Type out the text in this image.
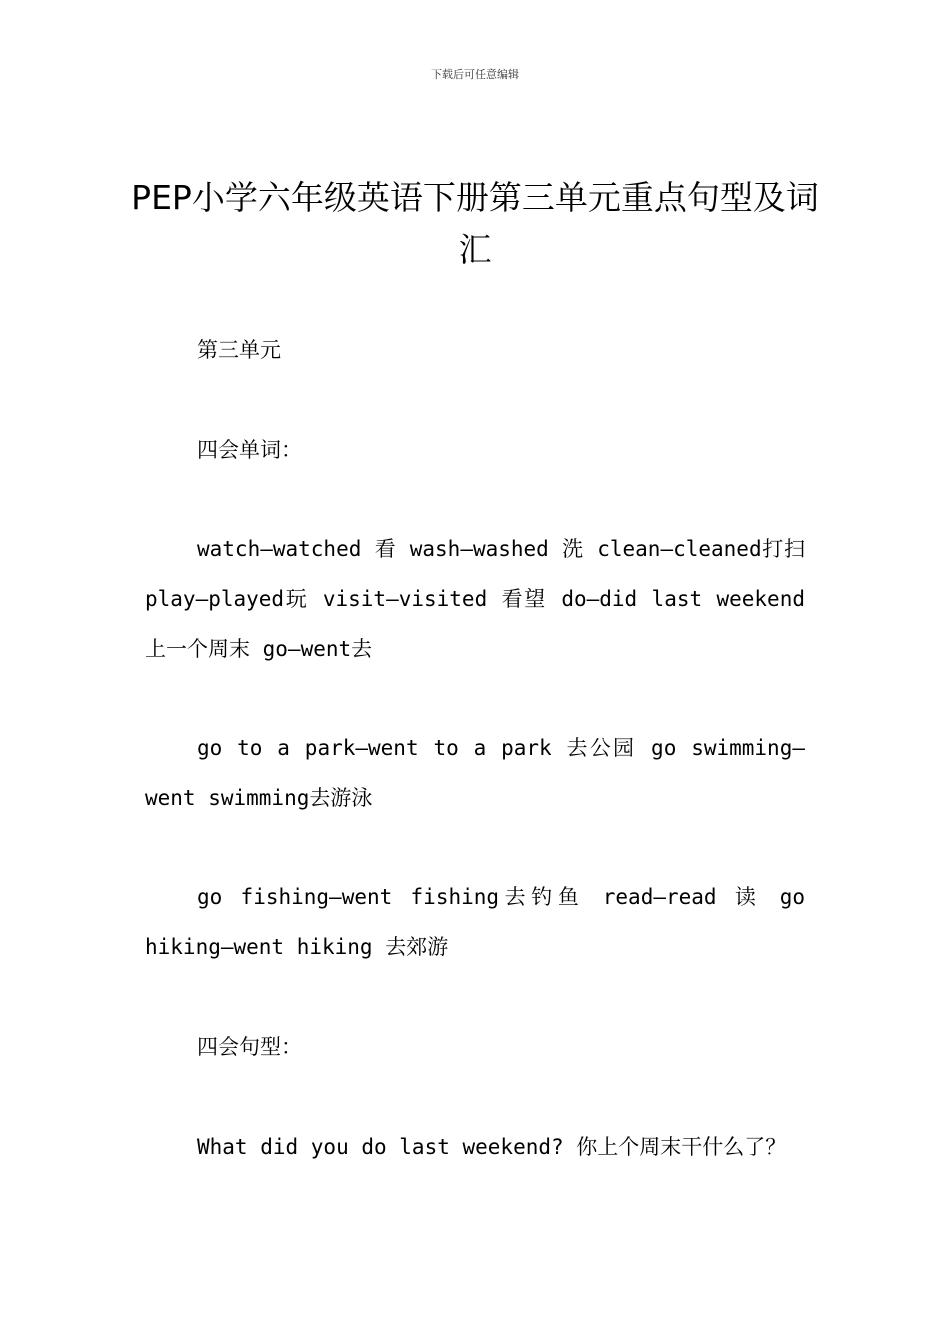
下载后可任意编辑
PEP小学六年级英语下册第三单元重点句型及词汇

第三单元

四会单词：

watch—watched 看 wash—washed 洗 clean—cleaned打扫 play—played玩 visit—visited 看望 do—did last weekend上一个周末 go—went去

go to a park—went to a park 去公园 go swimming—went swimming去游泳

go fishing—went fishing去钓鱼 read—read 读 go hiking—went hiking 去郊游

四会句型：

What did you do last weekend? 你上个周末干什么了？
